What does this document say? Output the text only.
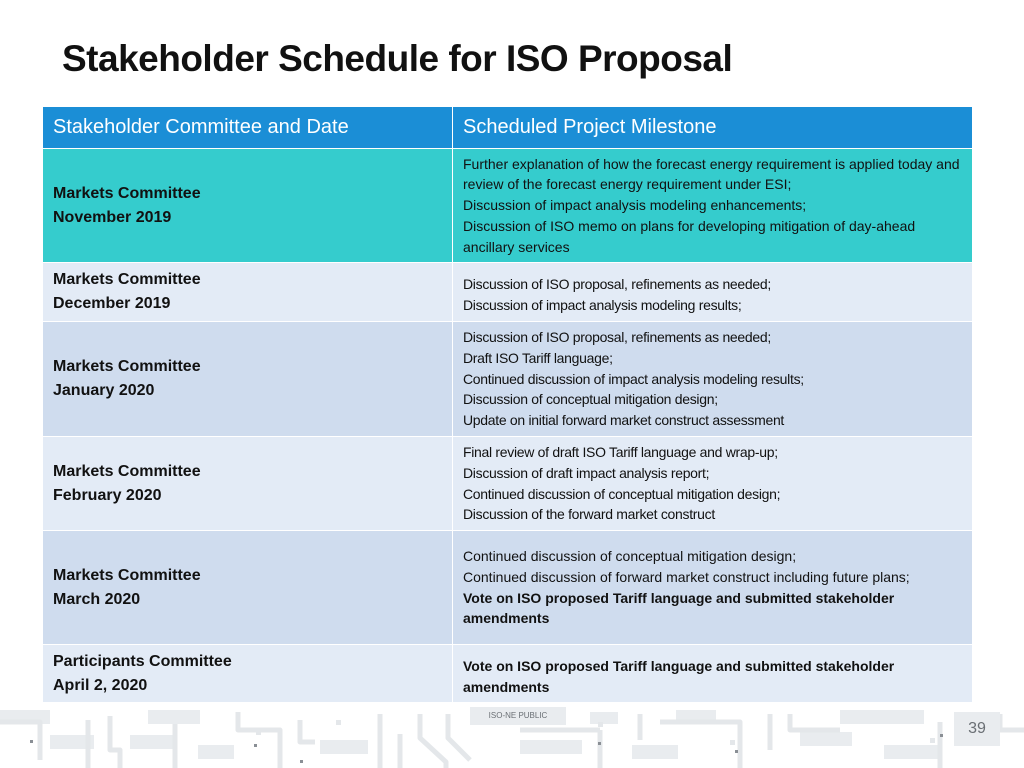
Stakeholder Schedule for ISO Proposal
Stakeholder Committee and Date	Scheduled Project Milestone

Markets Committee
November 2019	Further explanation of how the forecast energy requirement is applied today and review of the forecast energy requirement under ESI;
Discussion of impact analysis modeling enhancements;
Discussion of ISO memo on plans for developing mitigation of day-ahead ancillary services

Markets Committee
December 2019	Discussion of ISO proposal, refinements as needed;
Discussion of impact analysis modeling results;

Markets Committee
January 2020	Discussion of ISO proposal, refinements as needed;
Draft ISO Tariff language;
Continued discussion of impact analysis modeling results;
Discussion of conceptual mitigation design;
Update on initial forward market construct assessment

Markets Committee
February 2020	Final review of draft ISO Tariff language and wrap-up;
Discussion of draft impact analysis report;
Continued discussion of conceptual mitigation design;
Discussion of the forward market construct

Markets Committee
March 2020	Continued discussion of conceptual mitigation design;
Continued discussion of forward market construct including future plans;
Vote on ISO proposed Tariff language and submitted stakeholder amendments

Participants Committee
April 2, 2020	Vote on ISO proposed Tariff language and submitted stakeholder amendments
ISO-NE PUBLIC
39
